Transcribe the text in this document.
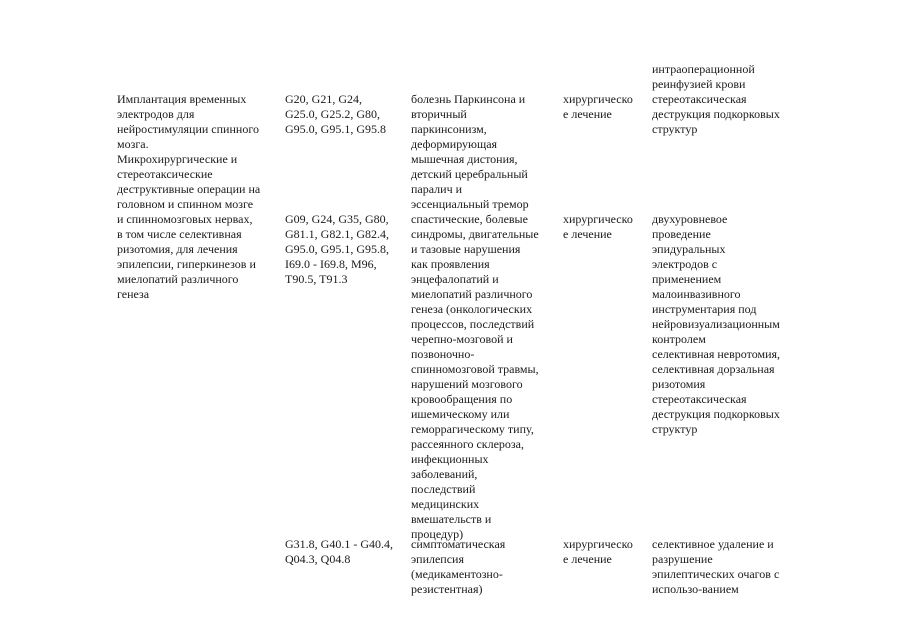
интраоперационной
реинфузией крови
стереотаксическая
деструкция подкорковых
структур
Имплантация временных
электродов для
нейростимуляции спинного
мозга.
Микрохирургические и
стереотаксические
деструктивные операции на
головном и спинном мозге
и спинномозговых нервах,
в том числе селективная
ризотомия, для лечения
эпилепсии, гиперкинезов и
миелопатий различного
генеза
G20, G21, G24,
G25.0, G25.2, G80,
G95.0, G95.1, G95.8
болезнь Паркинсона и
вторичный
паркинсонизм,
деформирующая
мышечная дистония,
детский церебральный
паралич и
эссенциальный тремор
хирургическо
е лечение
G09, G24, G35, G80,
G81.1, G82.1, G82.4,
G95.0, G95.1, G95.8,
I69.0 - I69.8, M96,
T90.5, T91.3
спастические, болевые
синдромы, двигательные
и тазовые нарушения
как проявления
энцефалопатий и
миелопатий различного
генеза (онкологических
процессов, последствий
черепно-мозговой и
позвоночно-
спинномозговой травмы,
нарушений мозгового
кровообращения по
ишемическому или
геморрагическому типу,
рассеянного склероза,
инфекционных
заболеваний,
последствий
медицинских
вмешательств и
процедур)
хирургическо
е лечение
двухуровневое
проведение
эпидуральных
электродов с
применением
малоинвазивного
инструментария под
нейровизуализационным
контролем
селективная невротомия,
селективная дорзальная
ризотомия
стереотаксическая
деструкция подкорковых
структур
G31.8, G40.1 - G40.4,
Q04.3, Q04.8
симптоматическая
эпилепсия
(медикаментозно-
резистентная)
хирургическо
е лечение
селективное удаление и
разрушение
эпилептических очагов с
использо-ванием
